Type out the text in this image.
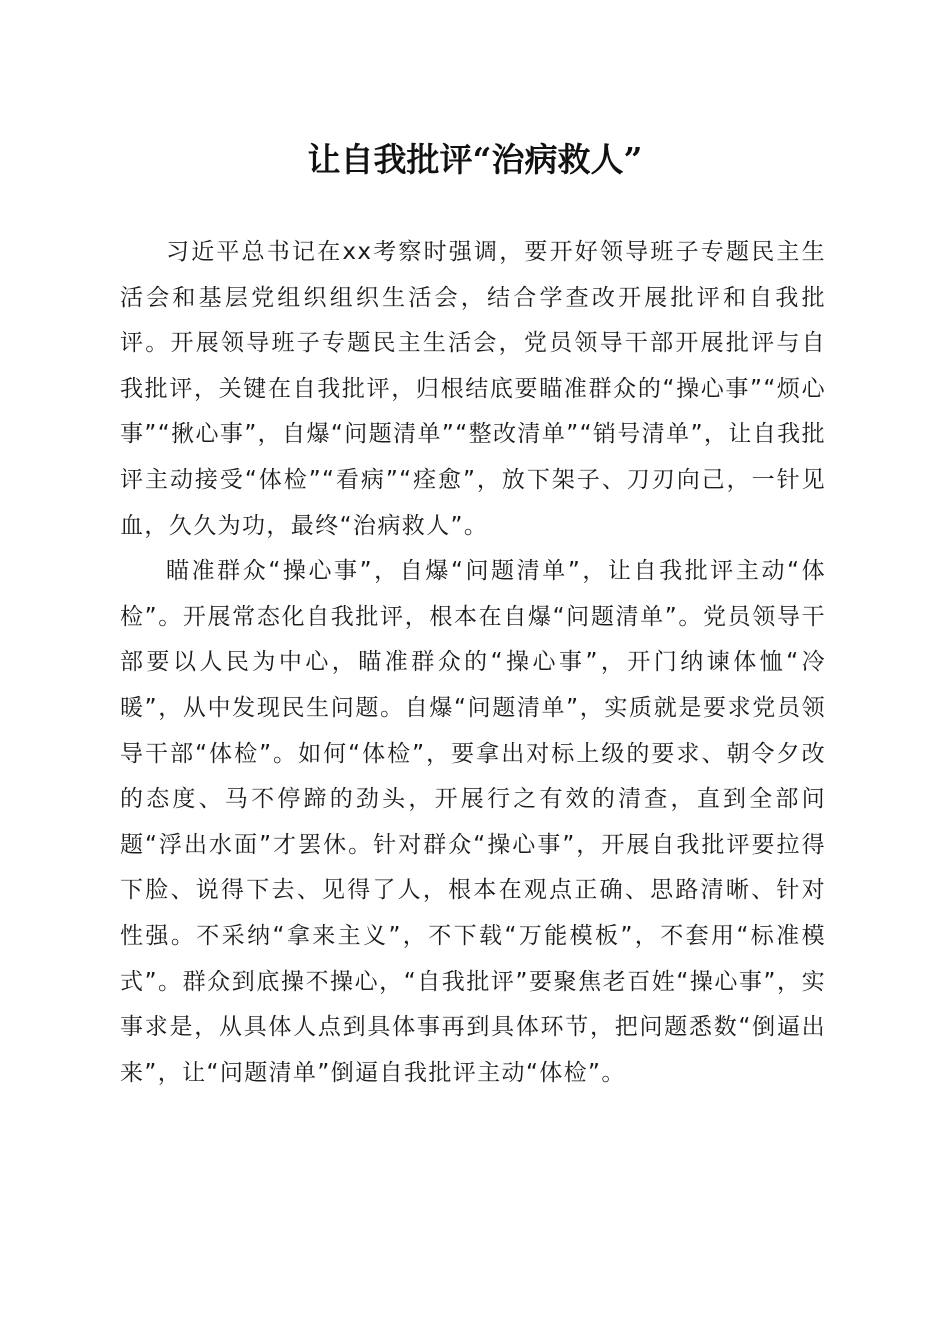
让自我批评“治病救人”

习近平总书记在xx考察时强调，要开好领导班子专题民主生活会和基层党组织组织生活会，结合学查改开展批评和自我批评。开展领导班子专题民主生活会，党员领导干部开展批评与自我批评，关键在自我批评，归根结底要瞄准群众的“操心事”“烦心事”“揪心事”，自爆“问题清单”“整改清单”“销号清单”，让自我批评主动接受“体检”“看病”“痊愈”，放下架子、刀刃向己，一针见血，久久为功，最终“治病救人”。

瞄准群众“操心事”，自爆“问题清单”，让自我批评主动“体检”。开展常态化自我批评，根本在自爆“问题清单”。党员领导干部要以人民为中心，瞄准群众的“操心事”，开门纳谏体恤“冷暖”，从中发现民生问题。自爆“问题清单”，实质就是要求党员领导干部“体检”。如何“体检”，要拿出对标上级的要求、朝令夕改的态度、马不停蹄的劲头，开展行之有效的清查，直到全部问题“浮出水面”才罢休。针对群众“操心事”，开展自我批评要拉得下脸、说得下去、见得了人，根本在观点正确、思路清晰、针对性强。不采纳“拿来主义”，不下载“万能模板”，不套用“标准模式”。群众到底操不操心，“自我批评”要聚焦老百姓“操心事”，实事求是，从具体人点到具体事再到具体环节，把问题悉数“倒逼出来”，让“问题清单”倒逼自我批评主动“体检”。
